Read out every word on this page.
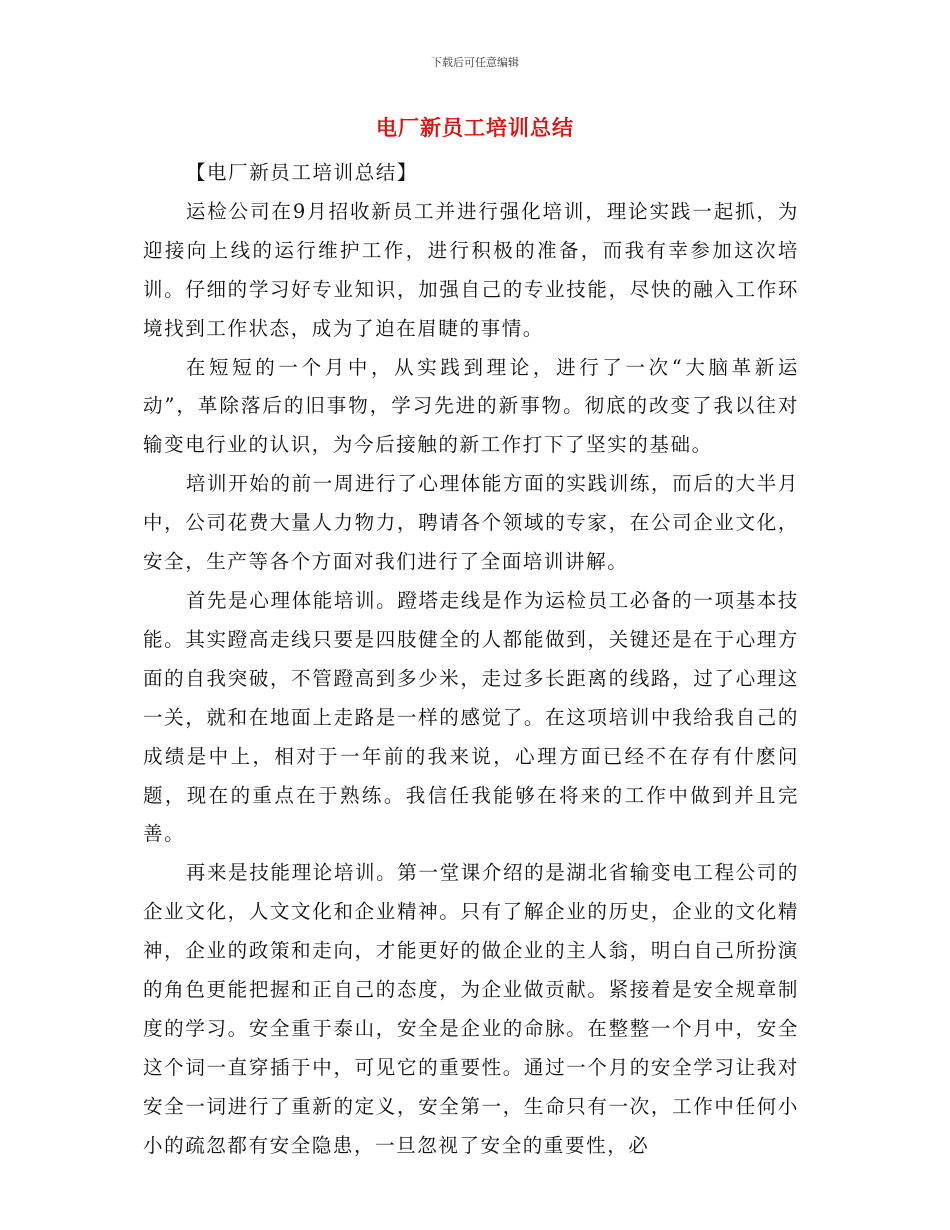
下载后可任意编辑
电厂新员工培训总结

【电厂新员工培训总结】

运检公司在9月招收新员工并进行强化培训，理论实践一起抓，为迎接向上线的运行维护工作，进行积极的准备，而我有幸参加这次培训。仔细的学习好专业知识，加强自己的专业技能，尽快的融入工作环境找到工作状态，成为了迫在眉睫的事情。

在短短的一个月中，从实践到理论，进行了一次“大脑革新运动”，革除落后的旧事物，学习先进的新事物。彻底的改变了我以往对输变电行业的认识，为今后接触的新工作打下了坚实的基础。

培训开始的前一周进行了心理体能方面的实践训练，而后的大半月中，公司花费大量人力物力，聘请各个领域的专家，在公司企业文化，安全，生产等各个方面对我们进行了全面培训讲解。

首先是心理体能培训。蹬塔走线是作为运检员工必备的一项基本技能。其实蹬高走线只要是四肢健全的人都能做到，关键还是在于心理方面的自我突破，不管蹬高到多少米，走过多长距离的线路，过了心理这一关，就和在地面上走路是一样的感觉了。在这项培训中我给我自己的成绩是中上，相对于一年前的我来说，心理方面已经不在存有什麽问题，现在的重点在于熟练。我信任我能够在将来的工作中做到并且完善。

再来是技能理论培训。第一堂课介绍的是湖北省输变电工程公司的企业文化，人文文化和企业精神。只有了解企业的历史，企业的文化精神，企业的政策和走向，才能更好的做企业的主人翁，明白自己所扮演的角色更能把握和正自己的态度，为企业做贡献。紧接着是安全规章制度的学习。安全重于泰山，安全是企业的命脉。在整整一个月中，安全这个词一直穿插于中，可见它的重要性。通过一个月的安全学习让我对安全一词进行了重新的定义，安全第一，生命只有一次，工作中任何小小的疏忽都有安全隐患，一旦忽视了安全的重要性，必
